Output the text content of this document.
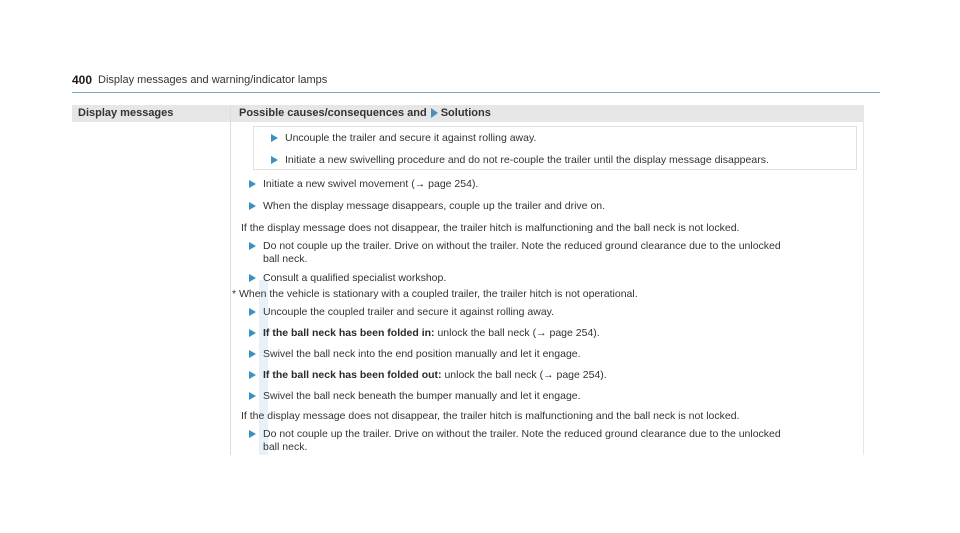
400 Display messages and warning/indicator lamps
Display messages	Possible causes/consequences and Solutions
Uncouple the trailer and secure it against rolling away.
Initiate a new swivelling procedure and do not re-couple the trailer until the display message disappears.
Initiate a new swivel movement (→ page 254).
When the display message disappears, couple up the trailer and drive on.
If the display message does not disappear, the trailer hitch is malfunctioning and the ball neck is not locked.
Do not couple up the trailer. Drive on without the trailer. Note the reduced ground clearance due to the unlocked
ball neck.
Consult a qualified specialist workshop.
* When the vehicle is stationary with a coupled trailer, the trailer hitch is not operational.
Uncouple the coupled trailer and secure it against rolling away.
If the ball neck has been folded in: unlock the ball neck (→ page 254).
Swivel the ball neck into the end position manually and let it engage.
If the ball neck has been folded out: unlock the ball neck (→ page 254).
Swivel the ball neck beneath the bumper manually and let it engage.
If the display message does not disappear, the trailer hitch is malfunctioning and the ball neck is not locked.
Do not couple up the trailer. Drive on without the trailer. Note the reduced ground clearance due to the unlocked
ball neck.
